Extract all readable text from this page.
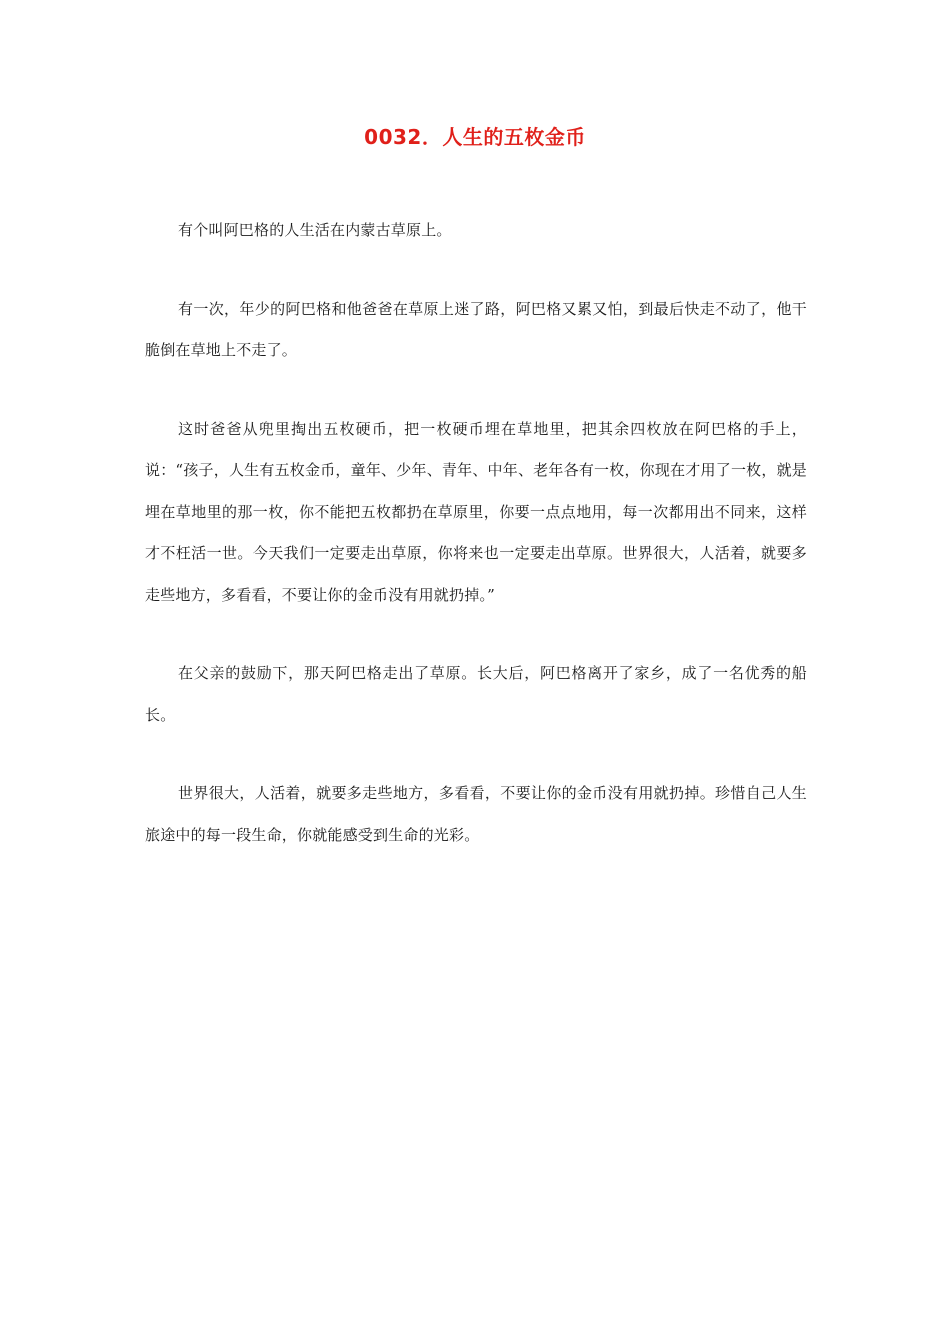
0032．人生的五枚金币

有个叫阿巴格的人生活在内蒙古草原上。

有一次，年少的阿巴格和他爸爸在草原上迷了路，阿巴格又累又怕，到最后快走不动了，他干脆倒在草地上不走了。

这时爸爸从兜里掏出五枚硬币，把一枚硬币埋在草地里，把其余四枚放在阿巴格的手上，说：“孩子，人生有五枚金币，童年、少年、青年、中年、老年各有一枚，你现在才用了一枚，就是埋在草地里的那一枚，你不能把五枚都扔在草原里，你要一点点地用，每一次都用出不同来，这样才不枉活一世。今天我们一定要走出草原，你将来也一定要走出草原。世界很大，人活着，就要多走些地方，多看看，不要让你的金币没有用就扔掉。”

在父亲的鼓励下，那天阿巴格走出了草原。长大后，阿巴格离开了家乡，成了一名优秀的船长。

世界很大，人活着，就要多走些地方，多看看，不要让你的金币没有用就扔掉。珍惜自己人生旅途中的每一段生命，你就能感受到生命的光彩。
